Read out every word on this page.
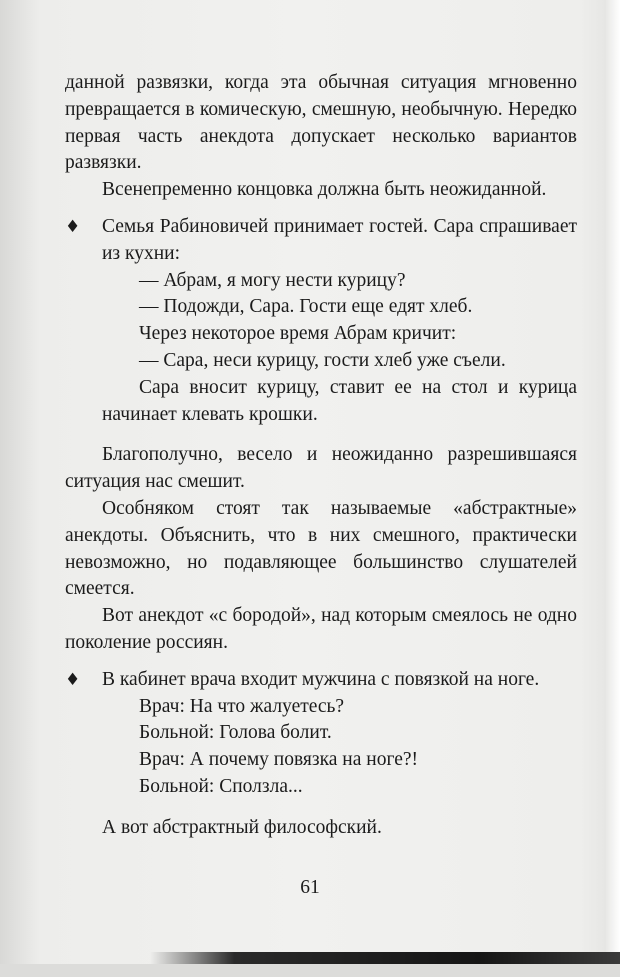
данной развязки, когда эта обычная ситуация мгновенно превращается в комическую, смешную, необычную. Нередко первая часть анекдота допускает несколько вариантов развязки.

Всенепременно концовка должна быть неожиданной.

♦ Семья Рабиновичей принимает гостей. Сара спрашивает из кухни:

— Абрам, я могу нести курицу?

— Подожди, Сара. Гости еще едят хлеб.

Через некоторое время Абрам кричит:

— Сара, неси курицу, гости хлеб уже съели.

Сара вносит курицу, ставит ее на стол и курица начинает клевать крошки.

Благополучно, весело и неожиданно разрешившаяся ситуация нас смешит.

Особняком стоят так называемые «абстрактные» анекдоты. Объяснить, что в них смешного, практически невозможно, но подавляющее большинство слушателей смеется.

Вот анекдот «с бородой», над которым смеялось не одно поколение россиян.

♦ В кабинет врача входит мужчина с повязкой на ноге.

Врач: На что жалуетесь?

Больной: Голова болит.

Врач: А почему повязка на ноге?!

Больной: Сползла...

А вот абстрактный философский.

61
